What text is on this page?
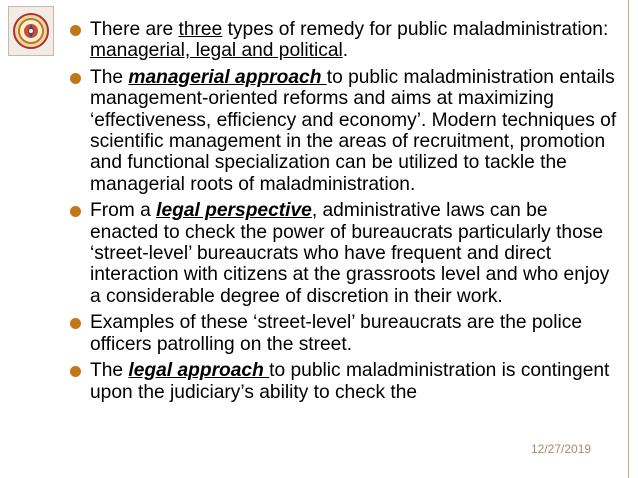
There are three types of remedy for public maladministration: managerial, legal and political.
The managerial approach to public maladministration entails management-oriented reforms and aims at maximizing ‘effectiveness, efficiency and economy’. Modern techniques of scientific management in the areas of recruitment, promotion and functional specialization can be utilized to tackle the managerial roots of maladministration.
From a legal perspective, administrative laws can be enacted to check the power of bureaucrats particularly those ‘street-level’ bureaucrats who have frequent and direct interaction with citizens at the grassroots level and who enjoy a considerable degree of discretion in their work.
Examples of these ‘street-level’ bureaucrats are the police officers patrolling on the street.
The legal approach to public maladministration is contingent upon the judiciary’s ability to check the
12/27/2019
